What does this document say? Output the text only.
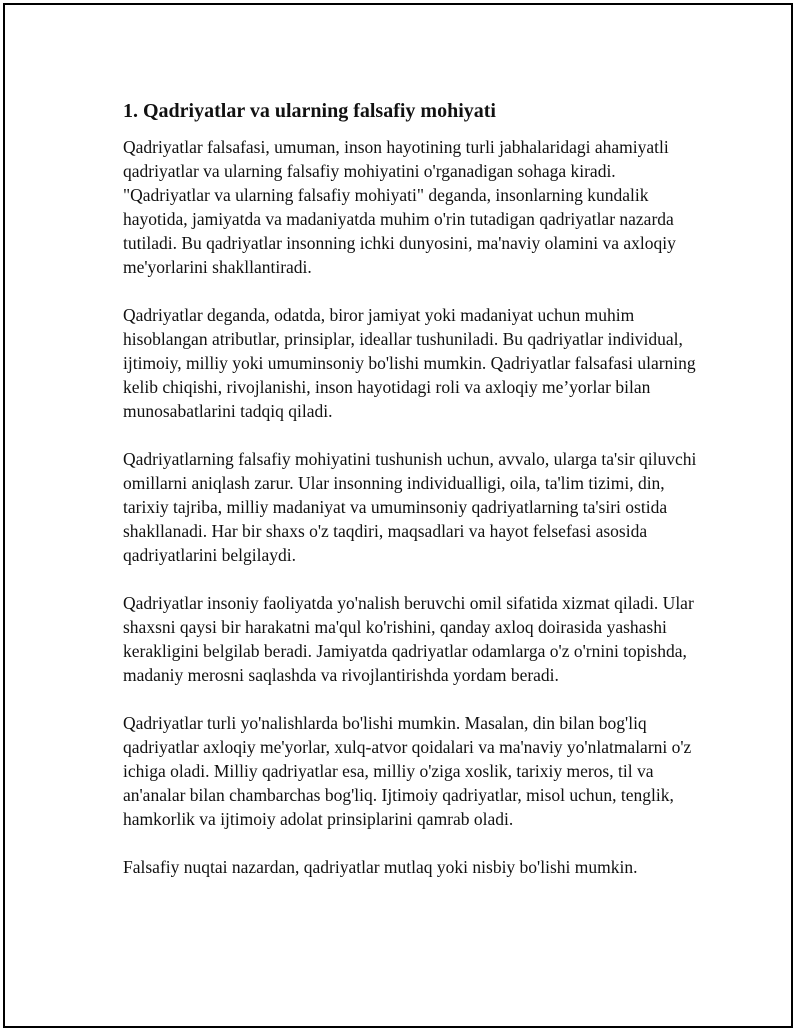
1. Qadriyatlar va ularning falsafiy mohiyati

Qadriyatlar falsafasi, umuman, inson hayotining turli jabhalaridagi ahamiyatli qadriyatlar va ularning falsafiy mohiyatini o'rganadigan sohaga kiradi. "Qadriyatlar va ularning falsafiy mohiyati" deganda, insonlarning kundalik hayotida, jamiyatda va madaniyatda muhim o'rin tutadigan qadriyatlar nazarda tutiladi. Bu qadriyatlar insonning ichki dunyosini, ma'naviy olamini va axloqiy me'yorlarini shakllantiradi.

Qadriyatlar deganda, odatda, biror jamiyat yoki madaniyat uchun muhim hisoblangan atributlar, prinsiplar, ideallar tushuniladi. Bu qadriyatlar individual, ijtimoiy, milliy yoki umuminsoniy bo'lishi mumkin. Qadriyatlar falsafasi ularning kelib chiqishi, rivojlanishi, inson hayotidagi roli va axloqiy me’yorlar bilan munosabatlarini tadqiq qiladi.

Qadriyatlarning falsafiy mohiyatini tushunish uchun, avvalo, ularga ta'sir qiluvchi omillarni aniqlash zarur. Ular insonning individualligi, oila, ta'lim tizimi, din, tarixiy tajriba, milliy madaniyat va umuminsoniy qadriyatlarning ta'siri ostida shakllanadi. Har bir shaxs o'z taqdiri, maqsadlari va hayot felsefasi asosida qadriyatlarini belgilaydi.

Qadriyatlar insoniy faoliyatda yo'nalish beruvchi omil sifatida xizmat qiladi. Ular shaxsni qaysi bir harakatni ma'qul ko'rishini, qanday axloq doirasida yashashi kerakligini belgilab beradi. Jamiyatda qadriyatlar odamlarga o'z o'rnini topishda, madaniy merosni saqlashda va rivojlantirishda yordam beradi.

Qadriyatlar turli yo'nalishlarda bo'lishi mumkin. Masalan, din bilan bog'liq qadriyatlar axloqiy me'yorlar, xulq-atvor qoidalari va ma'naviy yo'nlatmalarni o'z ichiga oladi. Milliy qadriyatlar esa, milliy o'ziga xoslik, tarixiy meros, til va an'analar bilan chambarchas bog'liq. Ijtimoiy qadriyatlar, misol uchun, tenglik, hamkorlik va ijtimoiy adolat prinsiplarini qamrab oladi.

Falsafiy nuqtai nazardan, qadriyatlar mutlaq yoki nisbiy bo'lishi mumkin.
